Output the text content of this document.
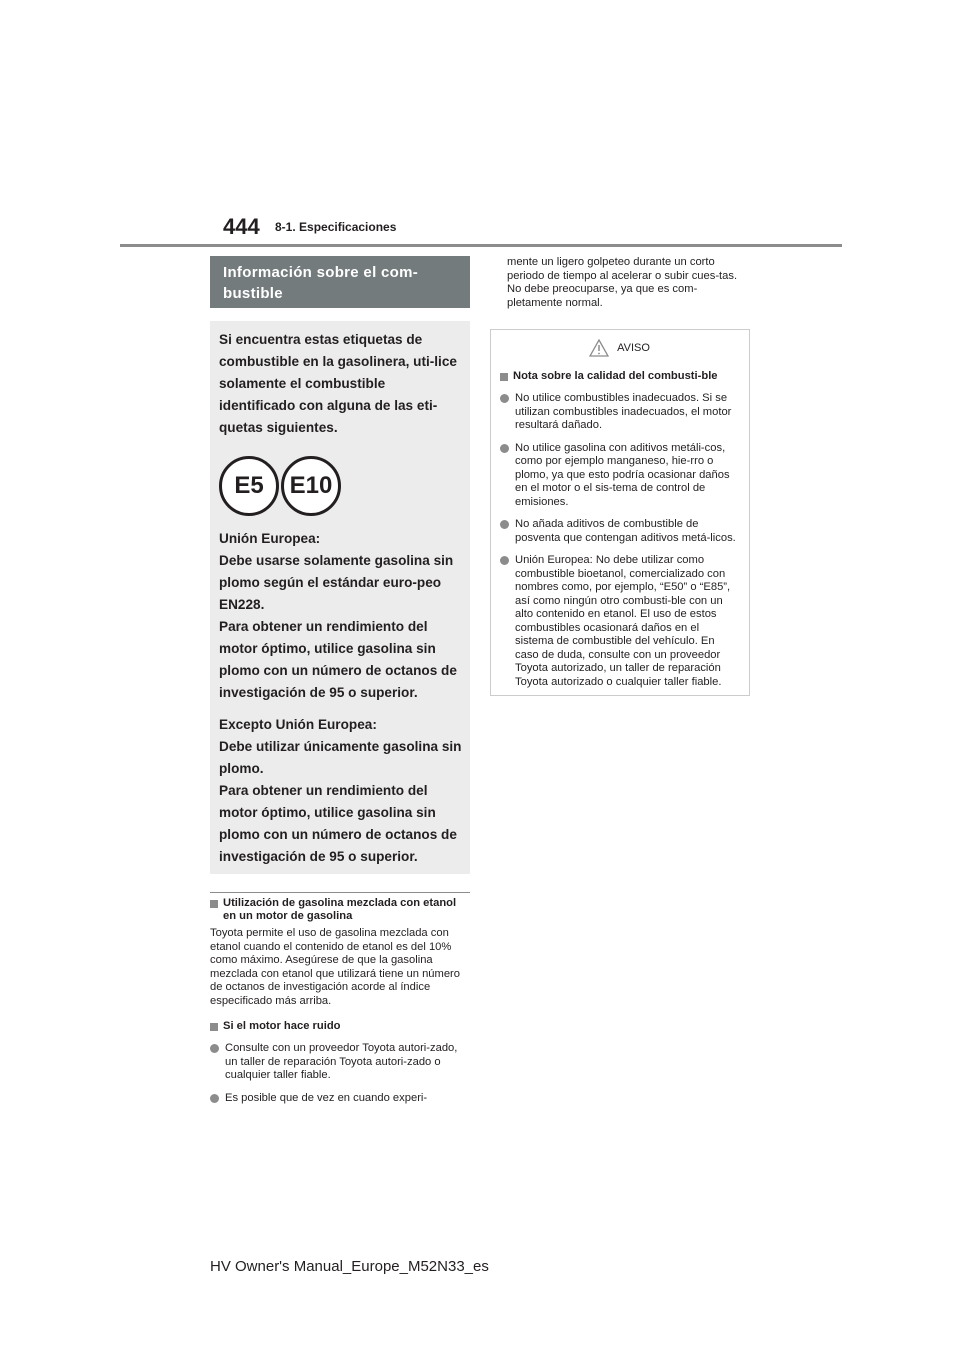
444 8-1. Especificaciones
Información sobre el com-bustible

Si encuentra estas etiquetas de combustible en la gasolinera, uti-lice solamente el combustible identificado con alguna de las eti-quetas siguientes.

E5	E10

Unión Europea:

Debe usarse solamente gasolina sin plomo según el estándar euro-peo EN228.

Para obtener un rendimiento del motor óptimo, utilice gasolina sin plomo con un número de octanos de investigación de 95 o superior.

Excepto Unión Europea:

Debe utilizar únicamente gasolina sin plomo.

Para obtener un rendimiento del motor óptimo, utilice gasolina sin plomo con un número de octanos de investigación de 95 o superior.

Utilización de gasolina mezclada con etanol en un motor de gasolina

Toyota permite el uso de gasolina mezclada con etanol cuando el contenido de etanol es del 10% como máximo. Asegúrese de que la gasolina mezclada con etanol que utilizará tiene un número de octanos de investigación acorde al índice especificado más arriba.

Si el motor hace ruido
Consulte con un proveedor Toyota autori-zado, un taller de reparación Toyota autori-zado o cualquier taller fiable.
Es posible que de vez en cuando experi-

mente un ligero golpeteo durante un corto periodo de tiempo al acelerar o subir cues-tas. No debe preocuparse, ya que es com-pletamente normal.

AVISO
Nota sobre la calidad del combusti-ble
No utilice combustibles inadecuados. Si se utilizan combustibles inadecuados, el motor resultará dañado.
No utilice gasolina con aditivos metáli-cos, como por ejemplo manganeso, hie-rro o plomo, ya que esto podría ocasionar daños en el motor o el sis-tema de control de emisiones.
No añada aditivos de combustible de posventa que contengan aditivos metá-licos.
Unión Europea: No debe utilizar como combustible bioetanol, comercializado con nombres como, por ejemplo, “E50” o “E85”, así como ningún otro combusti-ble con un alto contenido en etanol. El uso de estos combustibles ocasionará daños en el sistema de combustible del vehículo. En caso de duda, consulte con un proveedor Toyota autorizado, un taller de reparación Toyota autorizado o cualquier taller fiable.
HV Owner's Manual_Europe_M52N33_es
